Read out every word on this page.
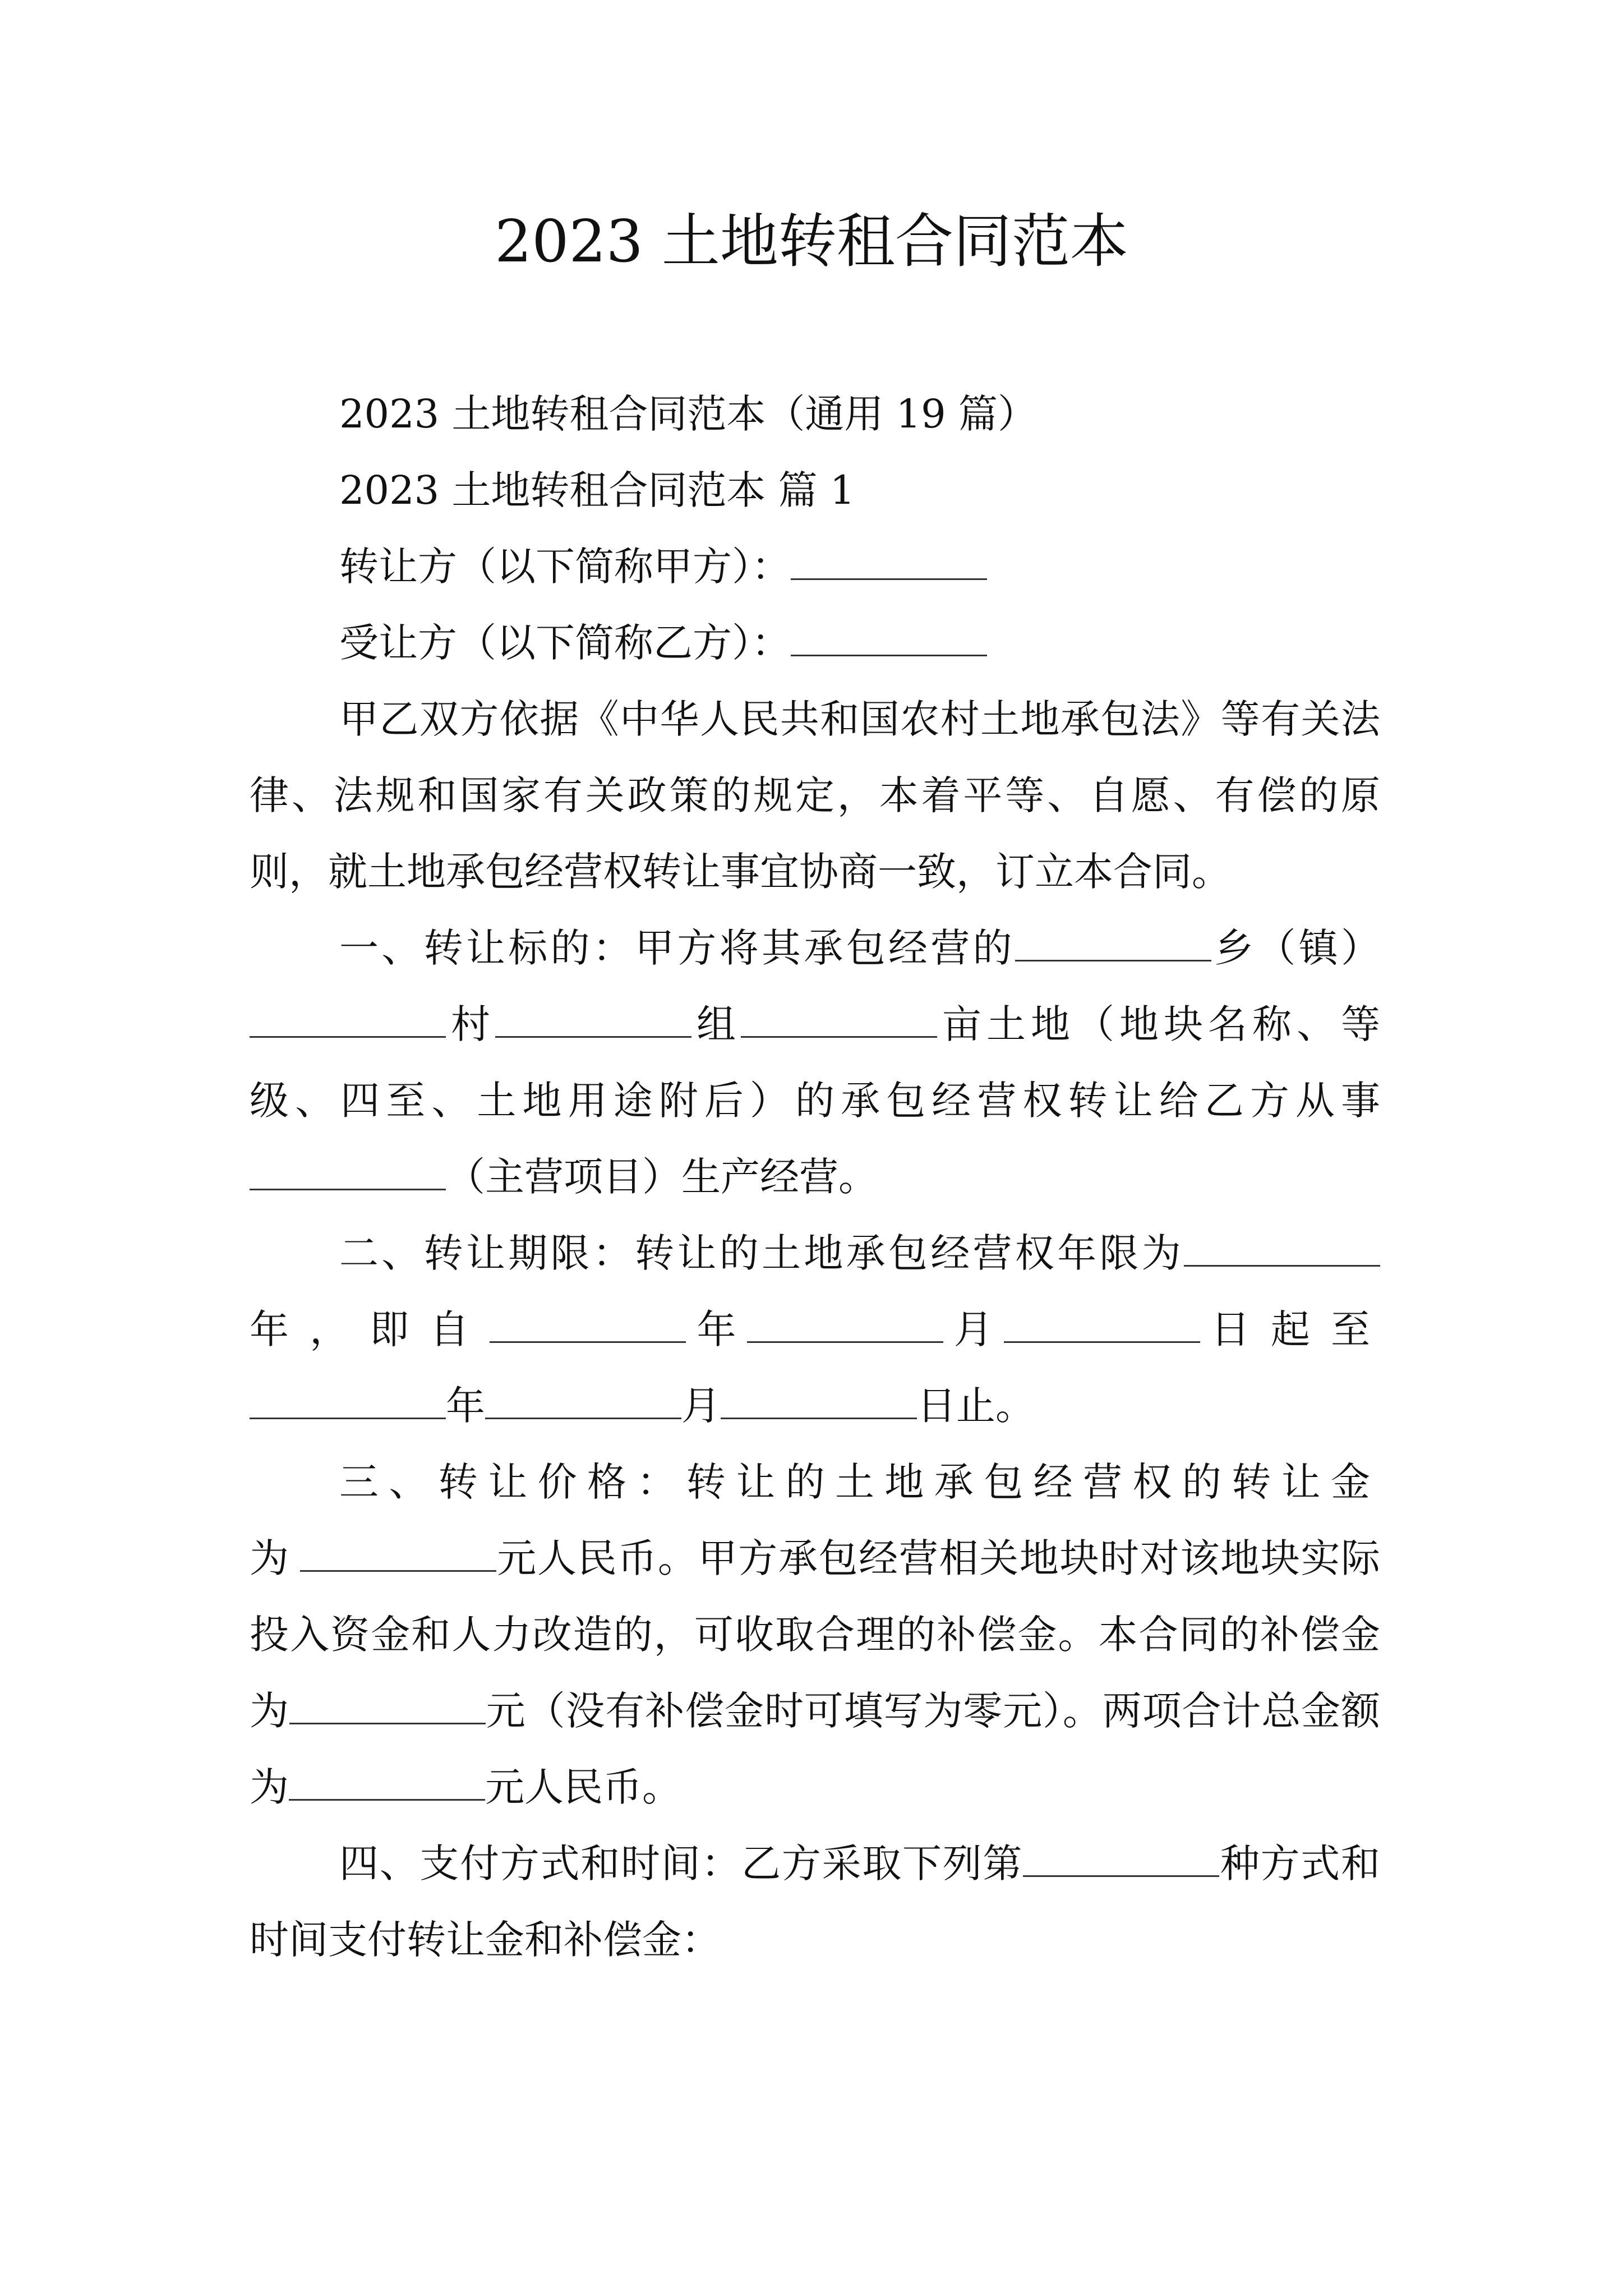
2023 土地转租合同范本

2023 土地转租合同范本（通用 19 篇）

2023 土地转租合同范本 篇 1

转让方（以下简称甲方）：

受让方（以下简称乙方）：

甲乙双方依据《中华人民共和国农村土地承包法》等有关法律、法规和国家有关政策的规定，本着平等、自愿、有偿的原则，就土地承包经营权转让事宜协商一致，订立本合同。

一、转让标的：甲方将其承包经营的	乡（镇）村	组	亩土地（地块名称、等级、四至、土地用途附后）的承包经营权转让给乙方从事（主营项目）生产经营。

二、转让期限：转让的土地承包经营权年限为年，即自	年	月	日起至年	月	日止。

三、转让价格：转让的土地承包经营权的转让金为	元人民币。甲方承包经营相关地块时对该地块实际投入资金和人力改造的，可收取合理的补偿金。本合同的补偿金为	元（没有补偿金时可填写为零元）。两项合计总金额为	元人民币。

四、支付方式和时间：乙方采取下列第	种方式和时间支付转让金和补偿金：
